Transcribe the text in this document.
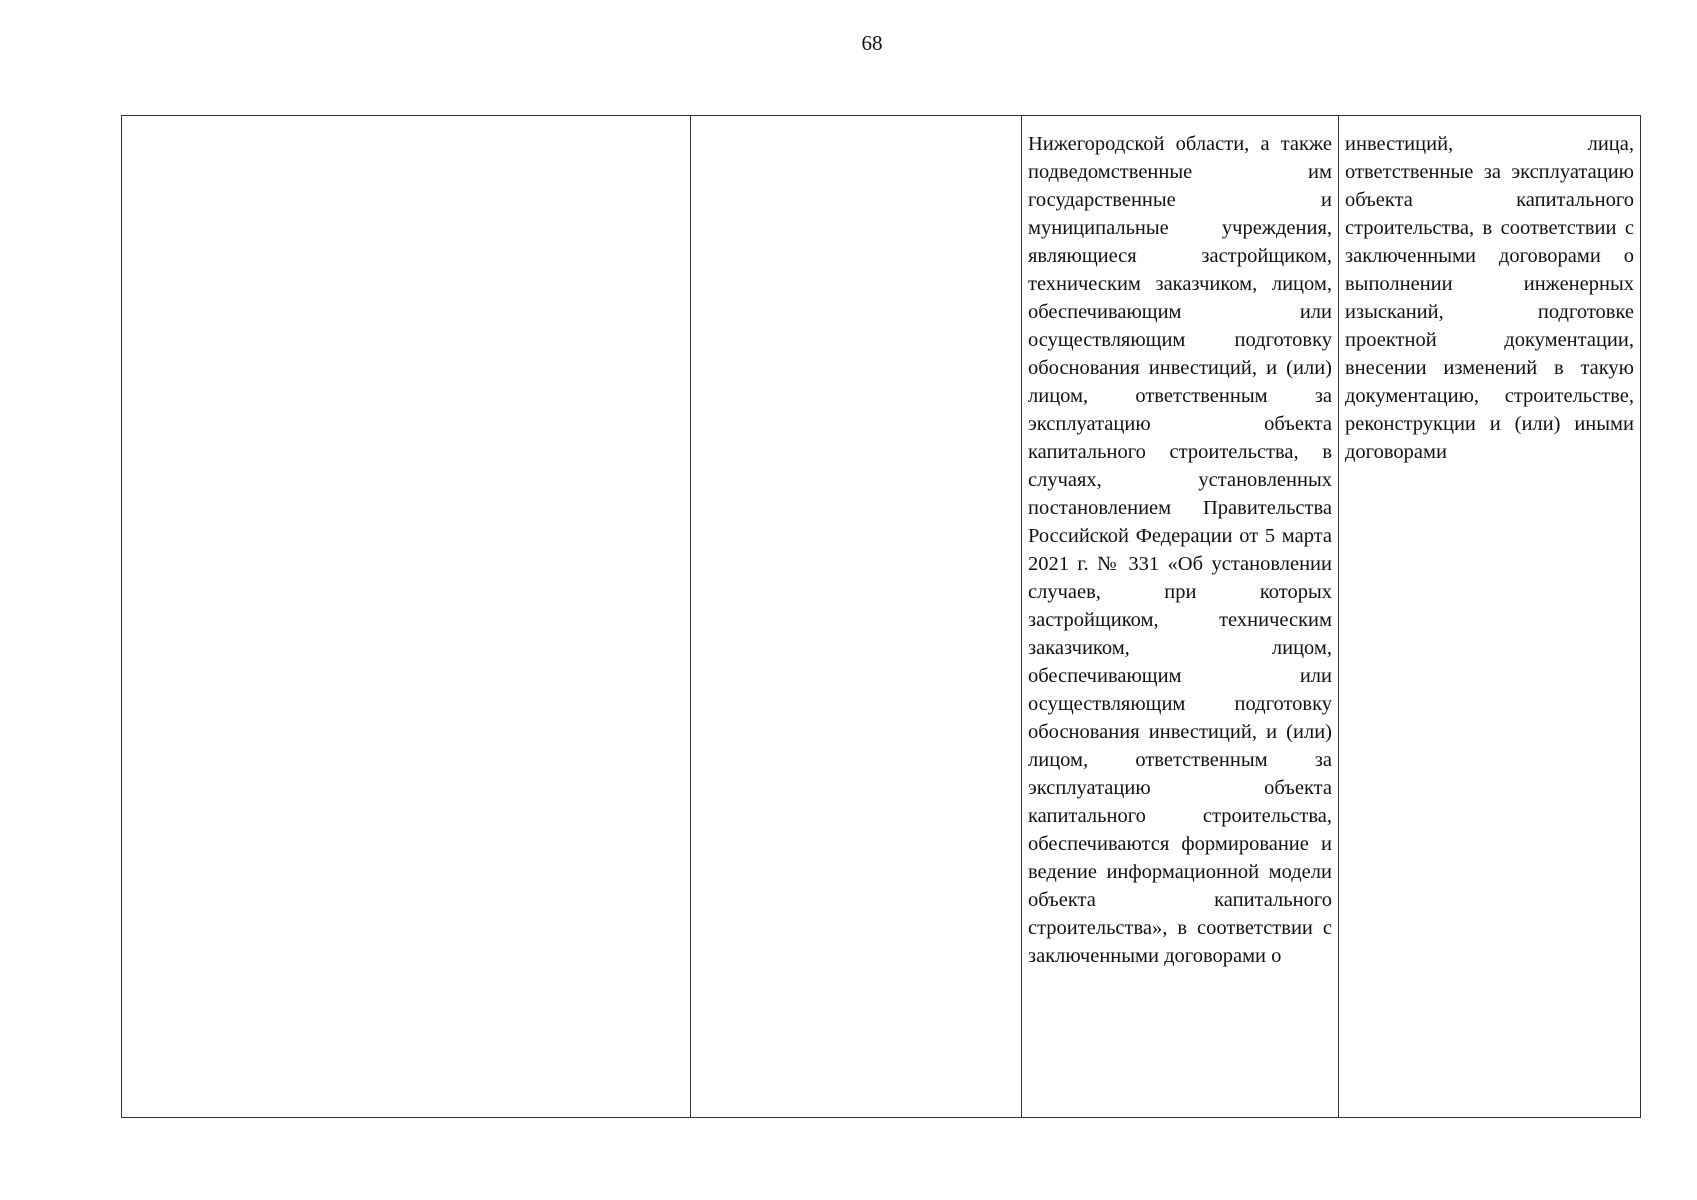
68

Нижегородской области, а также подведомственные им государственные и муниципальные учреждения, являющиеся застройщиком, техническим заказчиком, лицом, обеспечивающим или осуществляющим подготовку обоснования инвестиций, и (или) лицом, ответственным за эксплуатацию объекта капитального строительства, в случаях, установленных постановлением Правительства Российской Федерации от 5 марта 2021 г. № 331 «Об установлении случаев, при которых застройщиком, техническим заказчиком, лицом, обеспечивающим или осуществляющим подготовку обоснования инвестиций, и (или) лицом, ответственным за эксплуатацию объекта капитального строительства, обеспечиваются формирование и ведение информационной модели объекта капитального строительства», в соответствии с заключенными договорами о

инвестиций, лица, ответственные за эксплуатацию объекта капитального строительства, в соответствии с заключенными договорами о выполнении инженерных изысканий, подготовке проектной документации, внесении изменений в такую документацию, строительстве, реконструкции и (или) иными договорами
